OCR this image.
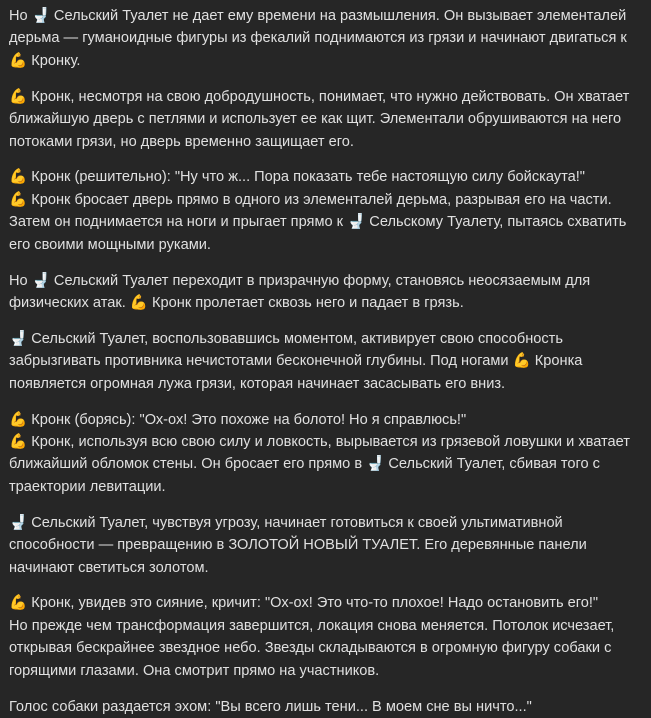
Но 🚽 Сельский Туалет не дает ему времени на размышления. Он вызывает элементалей дерьма — гуманоидные фигуры из фекалий поднимаются из грязи и начинают двигаться к 💪 Кронку.

💪 Кронк, несмотря на свою добродушность, понимает, что нужно действовать. Он хватает ближайшую дверь с петлями и использует ее как щит. Элементали обрушиваются на него потоками грязи, но дверь временно защищает его.

💪 Кронк (решительно): "Ну что ж... Пора показать тебе настоящую силу бойскаута!"
💪 Кронк бросает дверь прямо в одного из элементалей дерьма, разрывая его на части. Затем он поднимается на ноги и прыгает прямо к 🚽 Сельскому Туалету, пытаясь схватить его своими мощными руками.

Но 🚽 Сельский Туалет переходит в призрачную форму, становясь неосязаемым для физических атак. 💪 Кронк пролетает сквозь него и падает в грязь.

🚽 Сельский Туалет, воспользовавшись моментом, активирует свою способность забрызгивать противника нечистотами бесконечной глубины. Под ногами 💪 Кронка появляется огромная лужа грязи, которая начинает засасывать его вниз.

💪 Кронк (борясь): "Ох-ох! Это похоже на болото! Но я справлюсь!"
💪 Кронк, используя всю свою силу и ловкость, вырывается из грязевой ловушки и хватает ближайший обломок стены. Он бросает его прямо в 🚽 Сельский Туалет, сбивая того с траектории левитации.

🚽 Сельский Туалет, чувствуя угрозу, начинает готовиться к своей ультимативной способности — превращению в ЗОЛОТОЙ НОВЫЙ ТУАЛЕТ. Его деревянные панели начинают светиться золотом.

💪 Кронк, увидев это сияние, кричит: "Ох-ох! Это что-то плохое! Надо остановить его!"
Но прежде чем трансформация завершится, локация снова меняется. Потолок исчезает, открывая бескрайнее звездное небо. Звезды складываются в огромную фигуру собаки с горящими глазами. Она смотрит прямо на участников.

Голос собаки раздается эхом: "Вы всего лишь тени... В моем сне вы ничто..."
